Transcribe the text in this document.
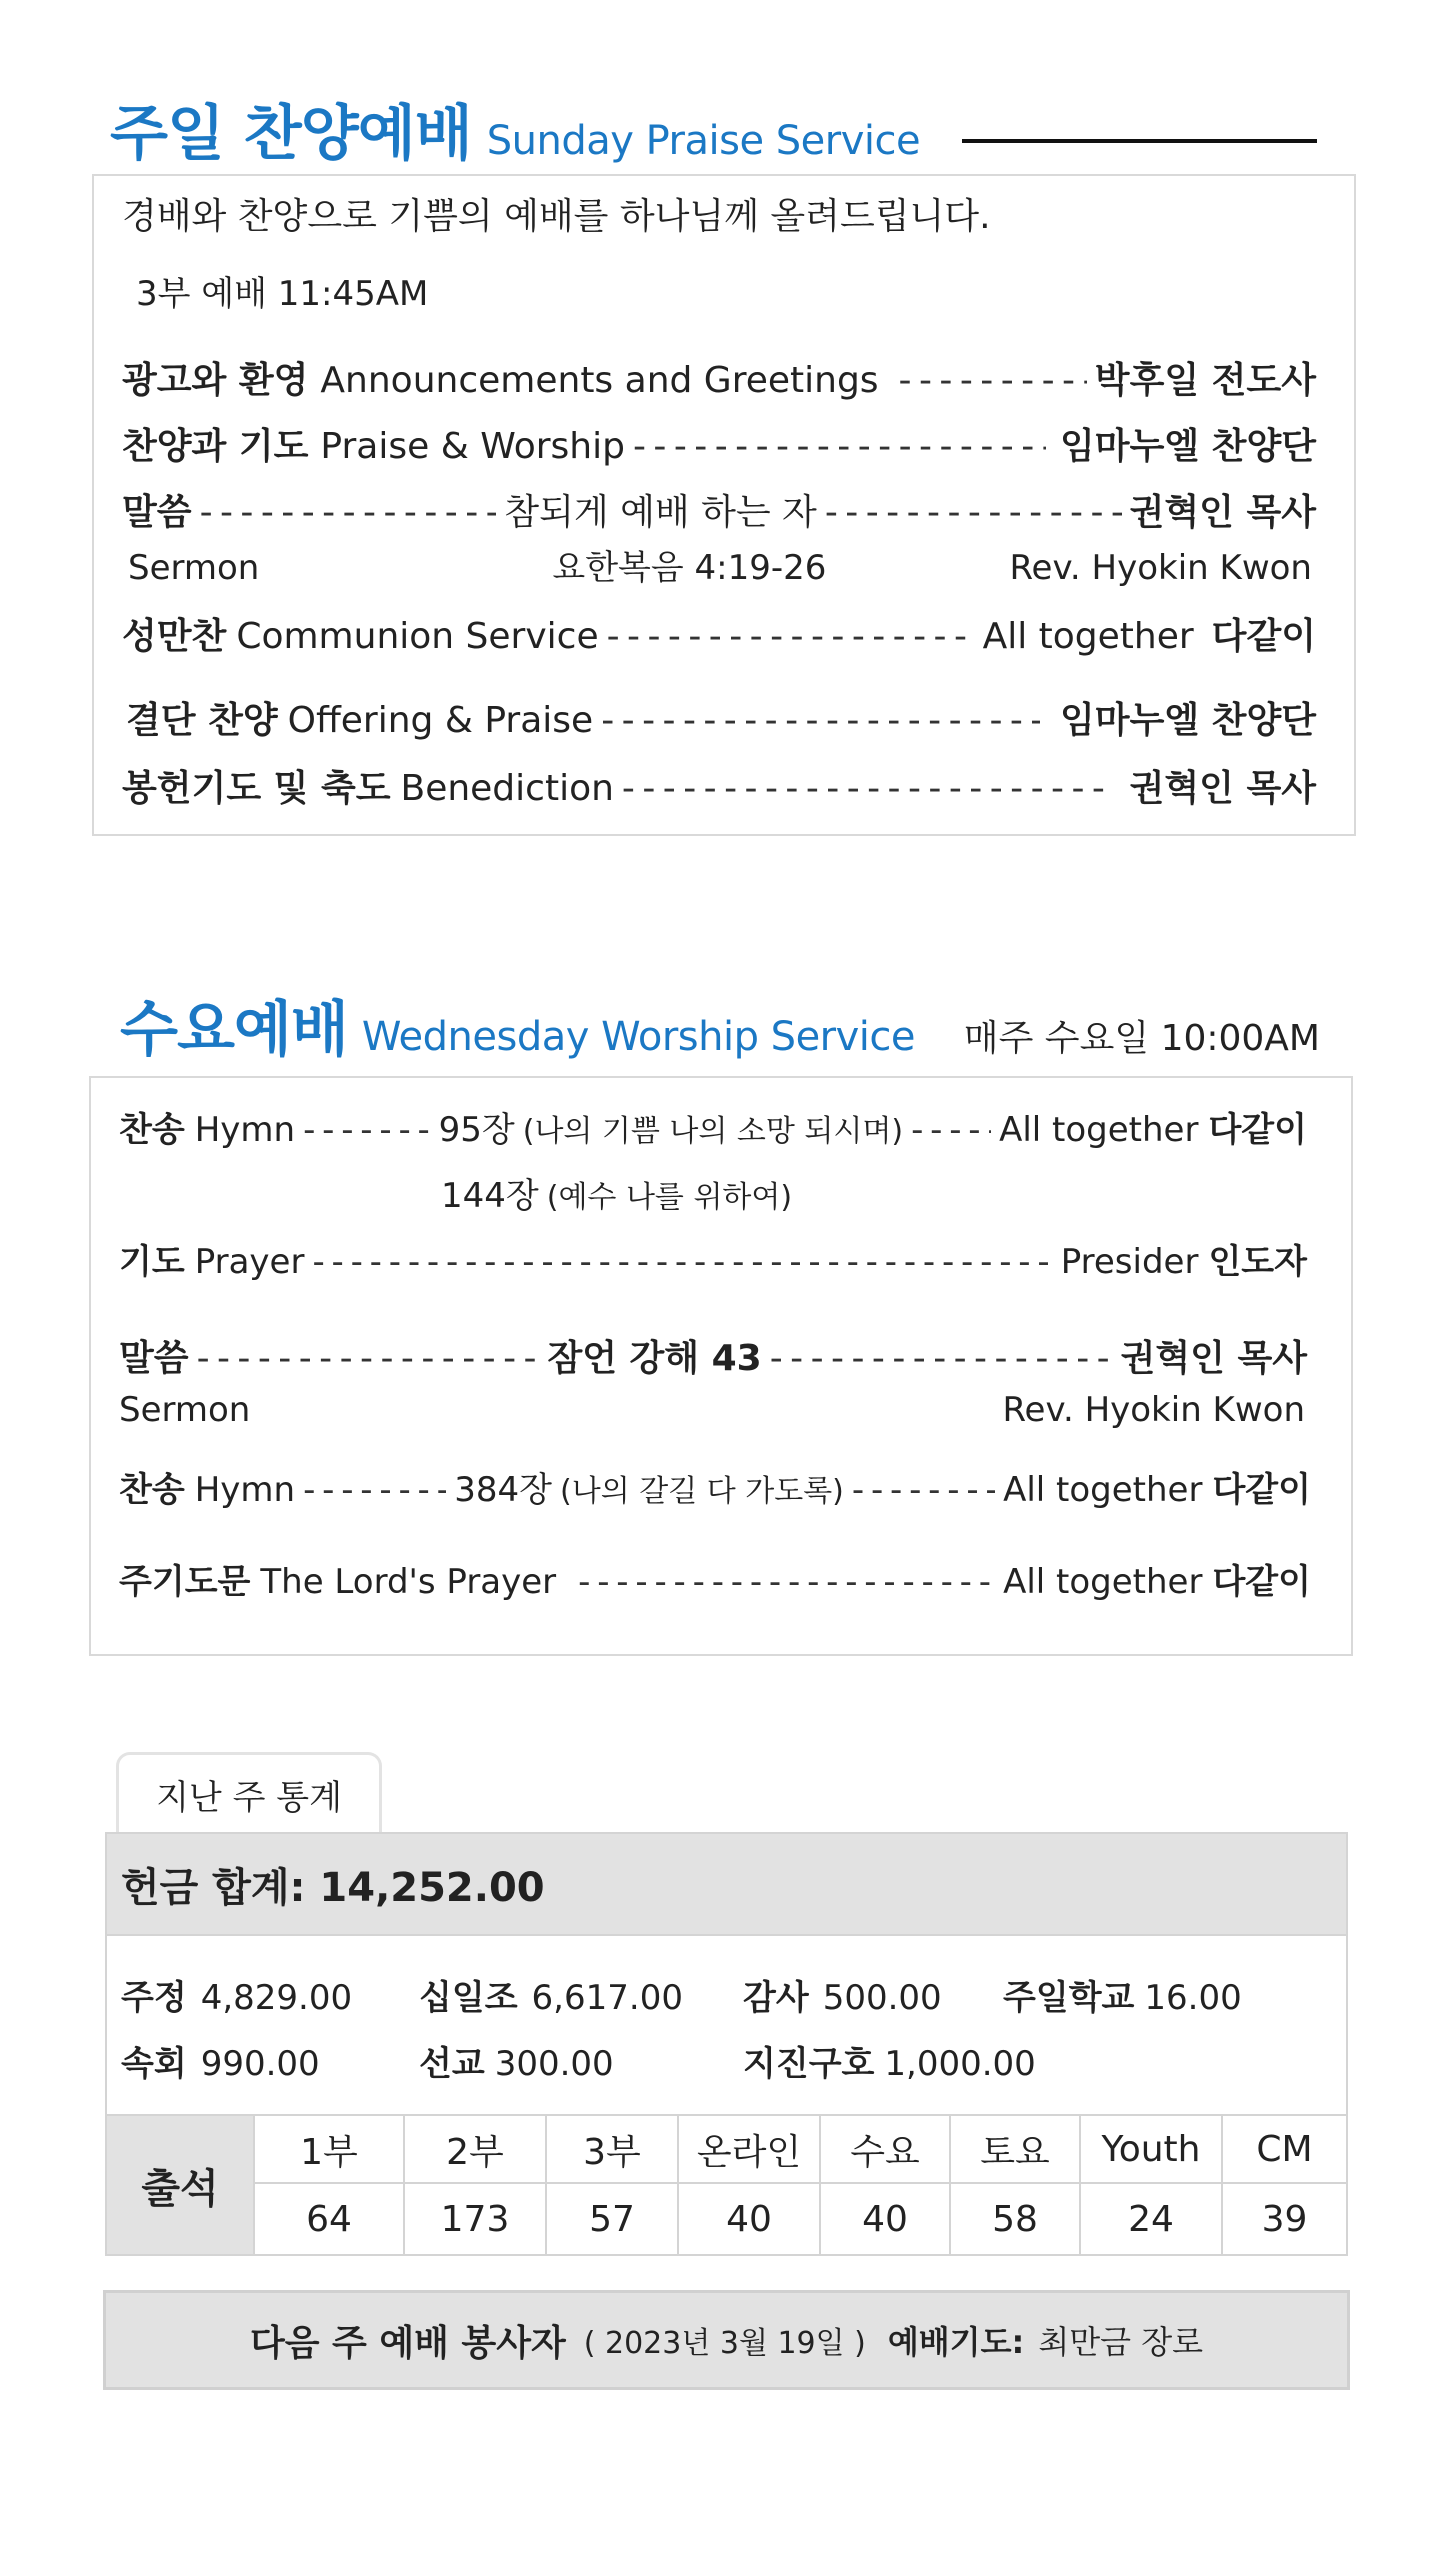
주일 찬양예배 Sunday Praise Service
경배와 찬양으로 기쁨의 예배를 하나님께 올려드립니다.
3부 예배 11:45AM
광고와 환영 Announcements and Greetings - - -	박후일 전도사
찬양과 기도 Praise & Worship - - -	임마누엘 찬양단
말씀 - - -	참되게 예배 하는 자 - - -	권혁인 목사
Sermon	요한복음 4:19-26	Rev. Hyokin Kwon
성만찬 Communion Service - - -	All together 다같이
결단 찬양 Offering & Praise - - -	임마누엘 찬양단
봉헌기도 및 축도 Benediction - - -	권혁인 목사
수요예배 Wednesday Worship Service 매주 수요일 10:00AM
찬송 Hymn - - -	95장 (나의 기쁨 나의 소망 되시며) - - -	All together 다같이
144장 (예수 나를 위하여)
기도 Prayer - - -	Presider 인도자
말씀 - - -	잠언 강해 43 - - -	권혁인 목사
Sermon	Rev. Hyokin Kwon
찬송 Hymn - - -	384장 (나의 갈길 다 가도록) - - -	All together 다같이
주기도문 The Lord's Prayer - - -	All together 다같이
지난 주 통계
헌금 합계: 14,252.00
주정 4,829.00 십일조 6,617.00 감사 500.00 주일학교 16.00
속회 990.00	선교 300.00	지진구호 1,000.00
출석	1부	2부	3부	온라인	수요	토요	Youth	CM
	64	173	57	40	40	58	24	39
다음 주 예배 봉사자 ( 2023년 3월 19일 ) 예배기도: 최만금 장로
